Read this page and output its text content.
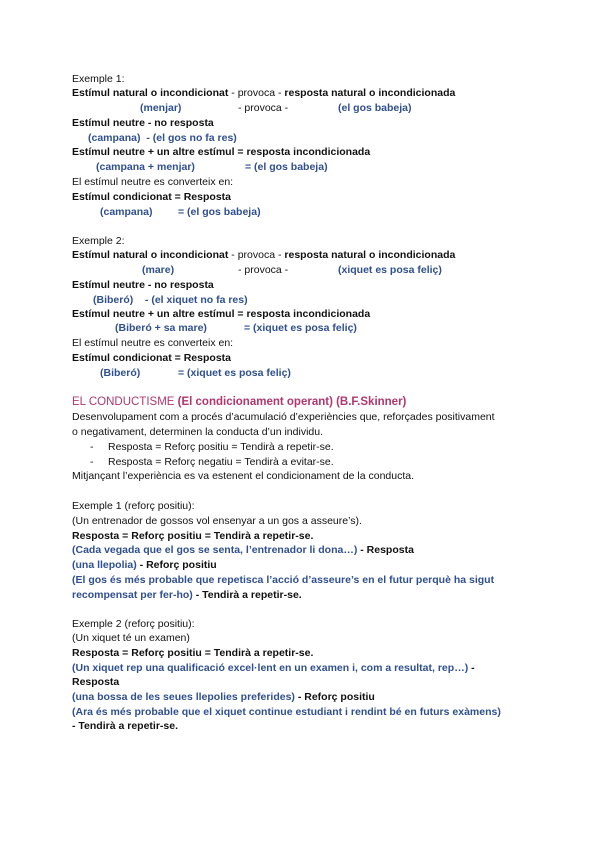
Exemple 1:
Estímul natural o incondicionat - provoca - resposta natural o incondicionada
(menjar)	- provoca -	(el gos babeja)
Estímul neutre - no resposta
(campana) - (el gos no fa res)
Estímul neutre + un altre estímul = resposta incondicionada
(campana + menjar)	= (el gos babeja)
El estímul neutre es converteix en:
Estímul condicionat = Resposta
(campana) = (el gos babeja)
Exemple 2:
Estímul natural o incondicionat - provoca - resposta natural o incondicionada
(mare)	- provoca -	(xiquet es posa feliç)
Estímul neutre - no resposta
(Biberó) - (el xiquet no fa res)
Estímul neutre + un altre estímul = resposta incondicionada
(Biberó + sa mare)	= (xiquet es posa feliç)
El estímul neutre es converteix en:
Estímul condicionat = Resposta
(Biberó)	= (xiquet es posa feliç)
EL CONDUCTISME (El condicionament operant) (B.F.Skinner)
Desenvolupament com a procés d’acumulació d’experiències que, reforçades positivament
o negativament, determinen la conducta d’un individu.
- Resposta = Reforç positiu = Tendirà a repetir-se.
- Resposta = Reforç negatiu = Tendirà a evitar-se.
Mitjançant l’experiència es va estenent el condicionament de la conducta.
Exemple 1 (reforç positiu):
(Un entrenador de gossos vol ensenyar a un gos a asseure’s).
Resposta = Reforç positiu = Tendirà a repetir-se.
(Cada vegada que el gos se senta, l’entrenador li dona…) - Resposta
(una llepolia) - Reforç positiu
(El gos és més probable que repetisca l’acció d’asseure’s en el futur perquè ha sigut
recompensat per fer-ho) - Tendirà a repetir-se.
Exemple 2 (reforç positiu):
(Un xiquet té un examen)
Resposta = Reforç positiu = Tendirà a repetir-se.
(Un xiquet rep una qualificació excel·lent en un examen i, com a resultat, rep…) -
Resposta
(una bossa de les seues llepolies preferides) - Reforç positiu
(Ara és més probable que el xiquet continue estudiant i rendint bé en futurs exàmens)
- Tendirà a repetir-se.
